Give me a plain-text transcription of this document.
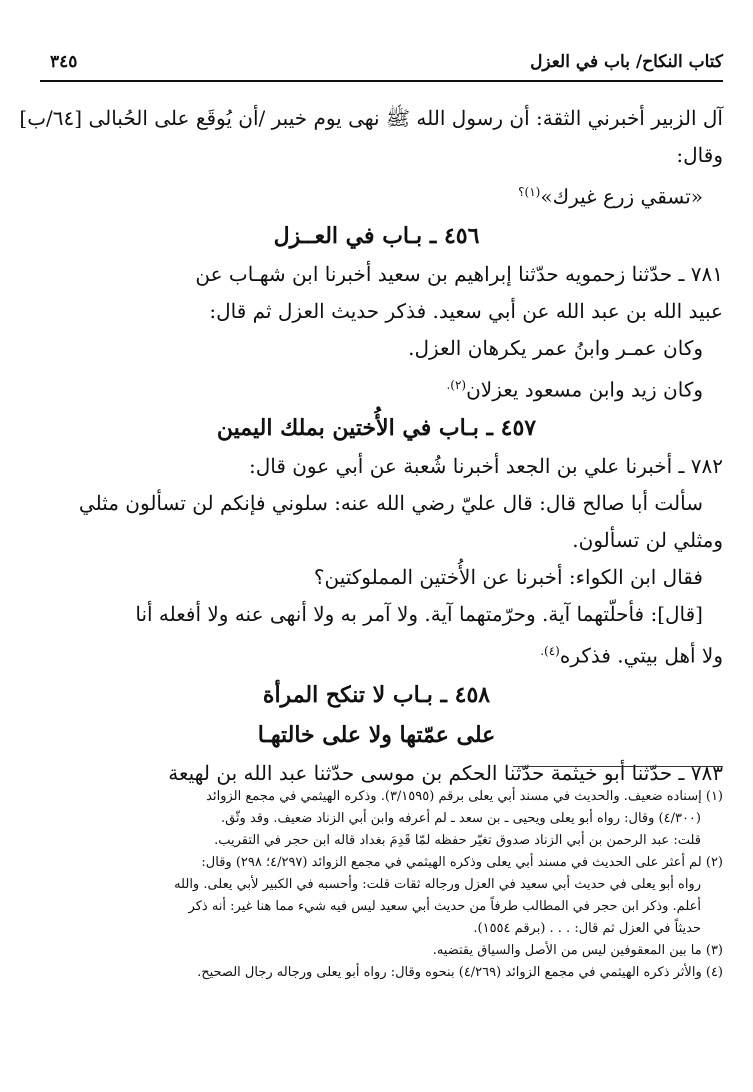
كتاب النكاح/ باب في العزل
٣٤٥
آل الزبير أخبرني الثقة: أن رسول الله ﷺ نهى يوم خيبر /أن يُوقَع على الحُبالى [٦٤/ب]
وقال:
«تسقي زرع غيرك»$^{(١)؟}$
٤٥٦ ـ بـاب في العــزل
٧٨١ ـ حدّثنا زحمويه حدّثنا إبراهيم بن سعيد أخبرنا ابن شهـاب عن
عبيد الله بن عبد الله عن أبي سعيد. فذكر حديث العزل ثم قال:
وكان عمـر وابنُ عمر يكرهان العزل.
وكان زيد وابن مسعود يعزلان$^{(٢).}$
٤٥٧ ـ بـاب في الأُختين بملك اليمين
٧٨٢ ـ أخبرنا علي بن الجعد أخبرنا شُعبة عن أبي عون قال:
سألت أبا صالح قال: قال عليّ رضي الله عنه: سلوني فإنكم لن تسألون مثلي
ومثلي لن تسألون.
فقال ابن الكواء: أخبرنا عن الأُختين المملوكتين؟
[قال]: فأحلّتهما آية. وحرّمتهما آية. ولا آمر به ولا أنهى عنه ولا أفعله أنا
ولا أهل بيتي. فذكره$^{(٤).}$
٤٥٨ ـ بـاب لا تنكح المرأة
على عمّتها ولا على خالتهـا
٧٨٣ ـ حدّثنا أبو خيثمة حدّثنا الحكم بن موسى حدّثنا عبد الله بن لهيعة
(١) إسناده ضعيف. والحديث في مسند أبي يعلى برقم (٣/١٥٩٥). وذكره الهيثمي في مجمع الزوائد
(٤/٣٠٠) وقال: رواه أبو يعلى ويحيى ـ بن سعد ـ لم أعرفه وابن أبي الزناد ضعيف. وقد وثّق.
قلت: عبد الرحمن بن أبي الزناد صدوق تغيّر حفظه لمّا قَدِمَ بغداد قاله ابن حجر في التقريب.
(٢) لم أعثر على الحديث في مسند أبي يعلى وذكره الهيثمي في مجمع الزوائد (٤/٢٩٧؛ ٢٩٨) وقال:
رواه أبو يعلى في حديث أبي سعيد في العزل ورجاله ثقات قلت: وأحسبه في الكبير لأبي يعلى. والله
أعلم. وذكر ابن حجر في المطالب طرفاً من حديث أبي سعيد ليس فيه شيء مما هنا غير: أنه ذكر
حديثاً في العزل ثم قال: . . . (برقم ١٥٥٤).
(٣) ما بين المعقوفين ليس من الأصل والسياق يقتضيه.
(٤) والأثر ذكره الهيثمي في مجمع الزوائد (٤/٢٦٩) بنحوه وقال: رواه أبو يعلى ورجاله رجال الصحيح.
